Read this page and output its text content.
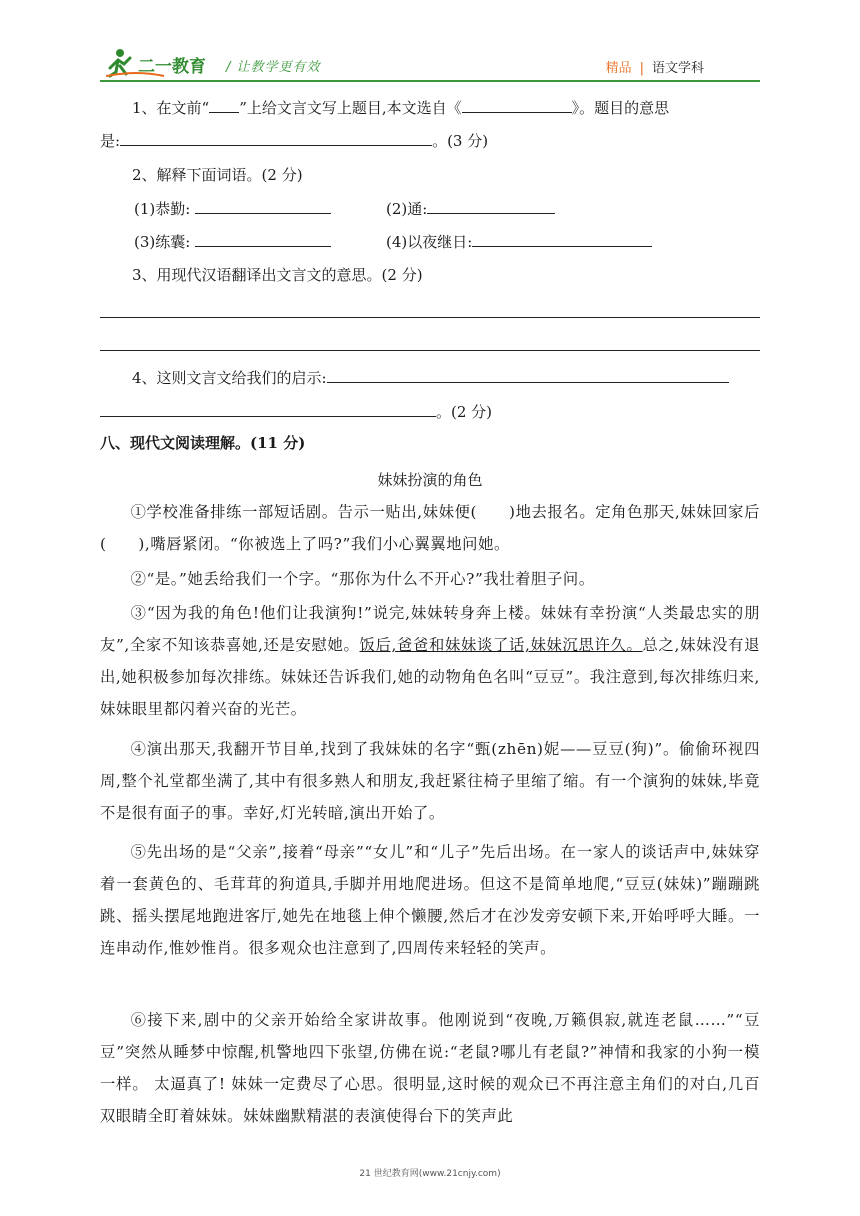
二一教育 / 让教学更有效	精品 | 语文学科
1、在文前“ ”上给文言文写上题目,本文选自《	》。题目的意思
是:	。(3 分)
2、解释下面词语。(2 分)
(1)恭勤:	(2)通:
(3)练囊:	(4)以夜继日:
3、用现代汉语翻译出文言文的意思。(2 分)
4、这则文言文给我们的启示:
。(2 分)
八、现代文阅读理解。(11 分)
妹妹扮演的角色

①学校准备排练一部短话剧。告示一贴出,妹妹便(　　)地去报名。定角色那天,妹妹回家后(　　),嘴唇紧闭。“你被选上了吗?”我们小心翼翼地问她。

②“是。”她丢给我们一个字。“那你为什么不开心?”我壮着胆子问。

③“因为我的角色!他们让我演狗!”说完,妹妹转身奔上楼。妹妹有幸扮演“人类最忠实的朋友”,全家不知该恭喜她,还是安慰她。饭后,爸爸和妹妹谈了话,妹妹沉思许久。总之,妹妹没有退出,她积极参加每次排练。妹妹还告诉我们,她的动物角色名叫“豆豆”。我注意到,每次排练归来,妹妹眼里都闪着兴奋的光芒。

④演出那天,我翻开节目单,找到了我妹妹的名字“甄(zhēn)妮——豆豆(狗)”。偷偷环视四周,整个礼堂都坐满了,其中有很多熟人和朋友,我赶紧往椅子里缩了缩。有一个演狗的妹妹,毕竟不是很有面子的事。幸好,灯光转暗,演出开始了。

⑤先出场的是“父亲”,接着“母亲”“女儿”和“儿子”先后出场。在一家人的谈话声中,妹妹穿着一套黄色的、毛茸茸的狗道具,手脚并用地爬进场。但这不是简单地爬,“豆豆(妹妹)”蹦蹦跳跳、摇头摆尾地跑进客厅,她先在地毯上伸个懒腰,然后才在沙发旁安顿下来,开始呼呼大睡。一连串动作,惟妙惟肖。很多观众也注意到了,四周传来轻轻的笑声。

⑥接下来,剧中的父亲开始给全家讲故事。他刚说到“夜晚,万籁俱寂,就连老鼠……”“豆豆”突然从睡梦中惊醒,机警地四下张望,仿佛在说:“老鼠?哪儿有老鼠?”神情和我家的小狗一模一样。 太逼真了! 妹妹一定费尽了心思。很明显,这时候的观众已不再注意主角们的对白,几百双眼睛全盯着妹妹。妹妹幽默精湛的表演使得台下的笑声此

21 世纪教育网(www.21cnjy.com)
